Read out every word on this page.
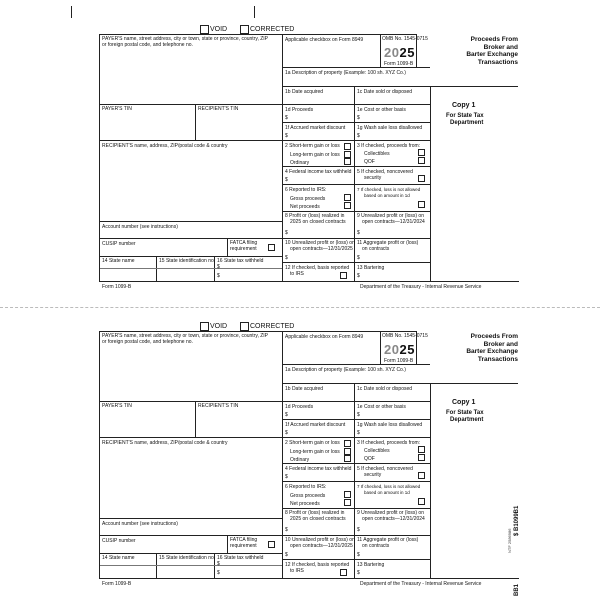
VOID	CORRECTED
PAYER'S name, street address, city or town, state or province, country, ZIP
or foreign postal code, and telephone no.
Applicable checkbox on Form 8949	OMB No. 1545-0715
2025
Form 1099-B
Proceeds From
Broker and
Barter Exchange
Transactions
1a Description of property (Example: 100 sh. XYZ Co.)
1b Date acquired	1c Date sold or disposed
PAYER'S TIN	RECIPIENT'S TIN	1d Proceeds
$
1e Cost or other basis
$
Copy 1
For State Tax
Department
1f Accrued market discount
$
1g Wash sale loss disallowed
$
RECIPIENT'S name, address, ZIP/postal code & country	2 Short-term gain or loss
Long-term gain or loss
Ordinary
3 If checked, proceeds from:
Collectibles
QOF
4 Federal income tax withheld
$
5 If checked, noncovered
security
6 Reported to IRS:
Gross proceeds
Net proceeds
7 If checked, loss is not allowed
based on amount in 1d
8 Profit or (loss) realized in
2025 on closed contracts
$
9 Unrealized profit or (loss) on
open contracts—12/31/2024
$
Account number (see instructions)
10 Unrealized profit or (loss) on
open contracts—12/31/2025
$
11 Aggregate profit or (loss)
on contracts
$
CUSIP number	FATCA filing
requirement
12 If checked, basis reported
to IRS
13 Bartering
$
14 State name	15 State identification no. 16 State tax withheld
$
$
Form 1099-B	Department of the Treasury - Internal Revenue Service
VOID	CORRECTED
PAYER'S name, street address, city or town, state or province, country, ZIP
or foreign postal code, and telephone no.
Applicable checkbox on Form 8949	OMB No. 1545-0715
2025
Form 1099-B
Proceeds From
Broker and
Barter Exchange
Transactions
1a Description of property (Example: 100 sh. XYZ Co.)
1b Date acquired	1c Date sold or disposed
PAYER'S TIN	RECIPIENT'S TIN	1d Proceeds
$
1e Cost or other basis
$
Copy 1
For State Tax
Department
1f Accrued market discount
$
1g Wash sale loss disallowed
$
RECIPIENT'S name, address, ZIP/postal code & country	2 Short-term gain or loss
Long-term gain or loss
Ordinary
3 If checked, proceeds from:
Collectibles
QOF
4 Federal income tax withheld
$
5 If checked, noncovered
security
6 Reported to IRS:
Gross proceeds
Net proceeds
7 If checked, loss is not allowed
based on amount in 1d
8 Profit or (loss) realized in
2025 on closed contracts
$
9 Unrealized profit or (loss) on
open contracts—12/31/2024
$
Account number (see instructions)
10 Unrealized profit or (loss) on
open contracts—12/31/2025
$
11 Aggregate profit or (loss)
on contracts
$
CUSIP number	FATCA filing
requirement
12 If checked, basis reported
to IRS
13 Bartering
$
14 State name	15 State identification no. 16 State tax withheld
$
$
Form 1099-B	Department of the Treasury - Internal Revenue Service	BB1
$ B1099B1
NTF 2586986
